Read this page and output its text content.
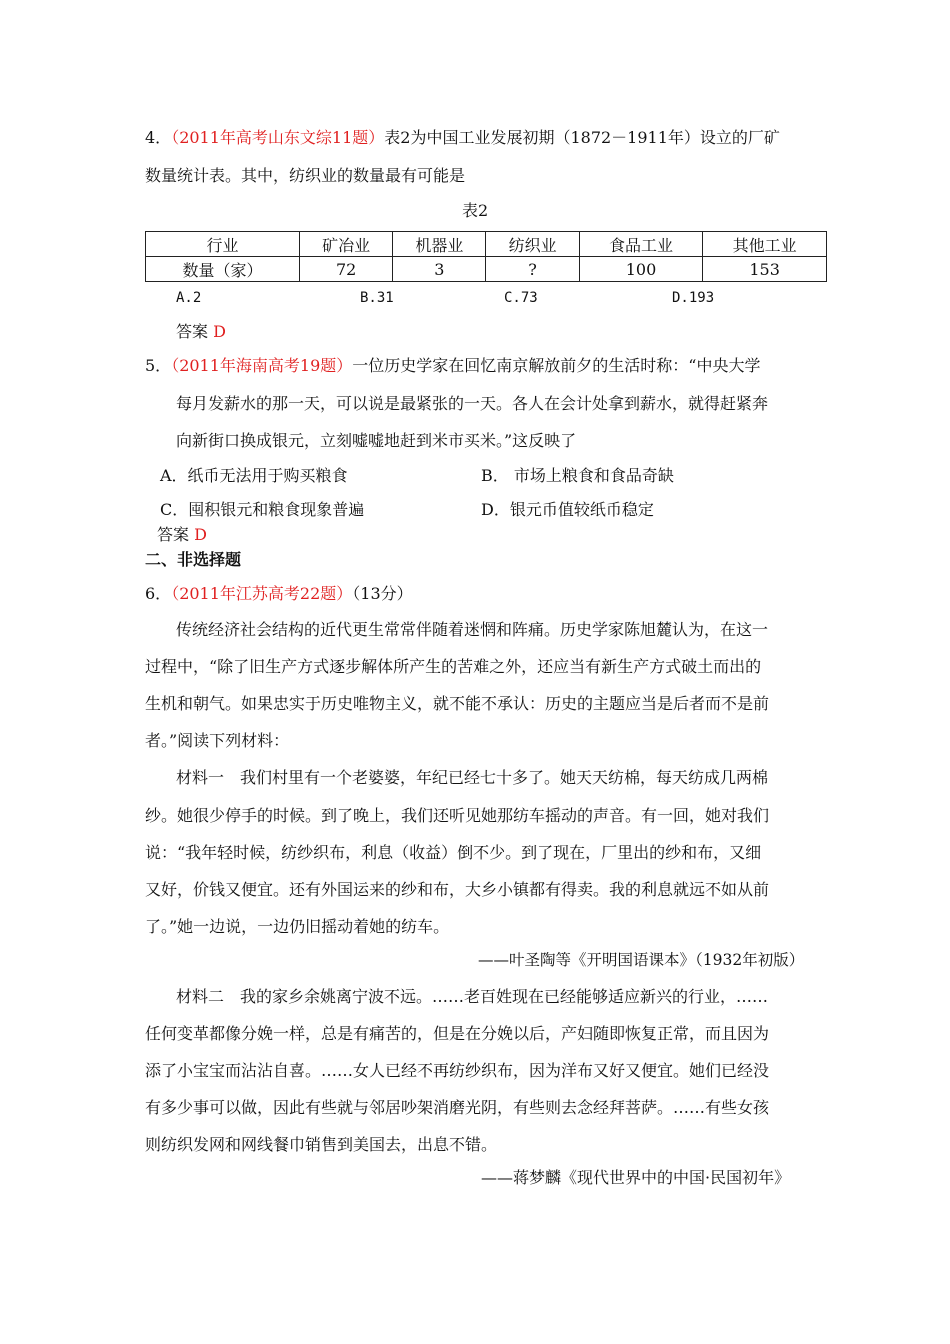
4．（2011年高考山东文综11题）表2为中国工业发展初期（1872－1911年）设立的厂矿
数量统计表。其中，纺织业的数量最有可能是
表2
行业	矿冶业	机器业	纺织业	食品工业	其他工业
数量（家）	72	3	?	100	153
A.2	B.31	C.73	D.193
答案 D
5．（2011年海南高考19题）一位历史学家在回忆南京解放前夕的生活时称：“中央大学
每月发薪水的那一天，可以说是最紧张的一天。各人在会计处拿到薪水，就得赶紧奔
向新街口换成银元，立刻嘘嘘地赶到米市买米。”这反映了
A．纸币无法用于购买粮食	B． 市场上粮食和食品奇缺
C．囤积银元和粮食现象普遍	D．银元币值较纸币稳定
答案 D
二、非选择题
6．（2011年江苏高考22题）（13分）
传统经济社会结构的近代更生常常伴随着迷惘和阵痛。历史学家陈旭麓认为，在这一
过程中，“除了旧生产方式逐步解体所产生的苦难之外，还应当有新生产方式破土而出的
生机和朝气。如果忠实于历史唯物主义，就不能不承认：历史的主题应当是后者而不是前
者。”阅读下列材料：
材料一　我们村里有一个老婆婆，年纪已经七十多了。她天天纺棉，每天纺成几两棉
纱。她很少停手的时候。到了晚上，我们还听见她那纺车摇动的声音。有一回，她对我们
说：“我年轻时候，纺纱织布，利息（收益）倒不少。到了现在，厂里出的纱和布，又细
又好，价钱又便宜。还有外国运来的纱和布，大乡小镇都有得卖。我的利息就远不如从前
了。”她一边说，一边仍旧摇动着她的纺车。
——叶圣陶等《开明国语课本》（1932年初版）
材料二　我的家乡余姚离宁波不远。……老百姓现在已经能够适应新兴的行业，……
任何变革都像分娩一样，总是有痛苦的，但是在分娩以后，产妇随即恢复正常，而且因为
添了小宝宝而沾沾自喜。……女人已经不再纺纱织布，因为洋布又好又便宜。她们已经没
有多少事可以做，因此有些就与邻居吵架消磨光阴，有些则去念经拜菩萨。……有些女孩
则纺织发网和网线餐巾销售到美国去，出息不错。
——蒋梦麟《现代世界中的中国·民国初年》
